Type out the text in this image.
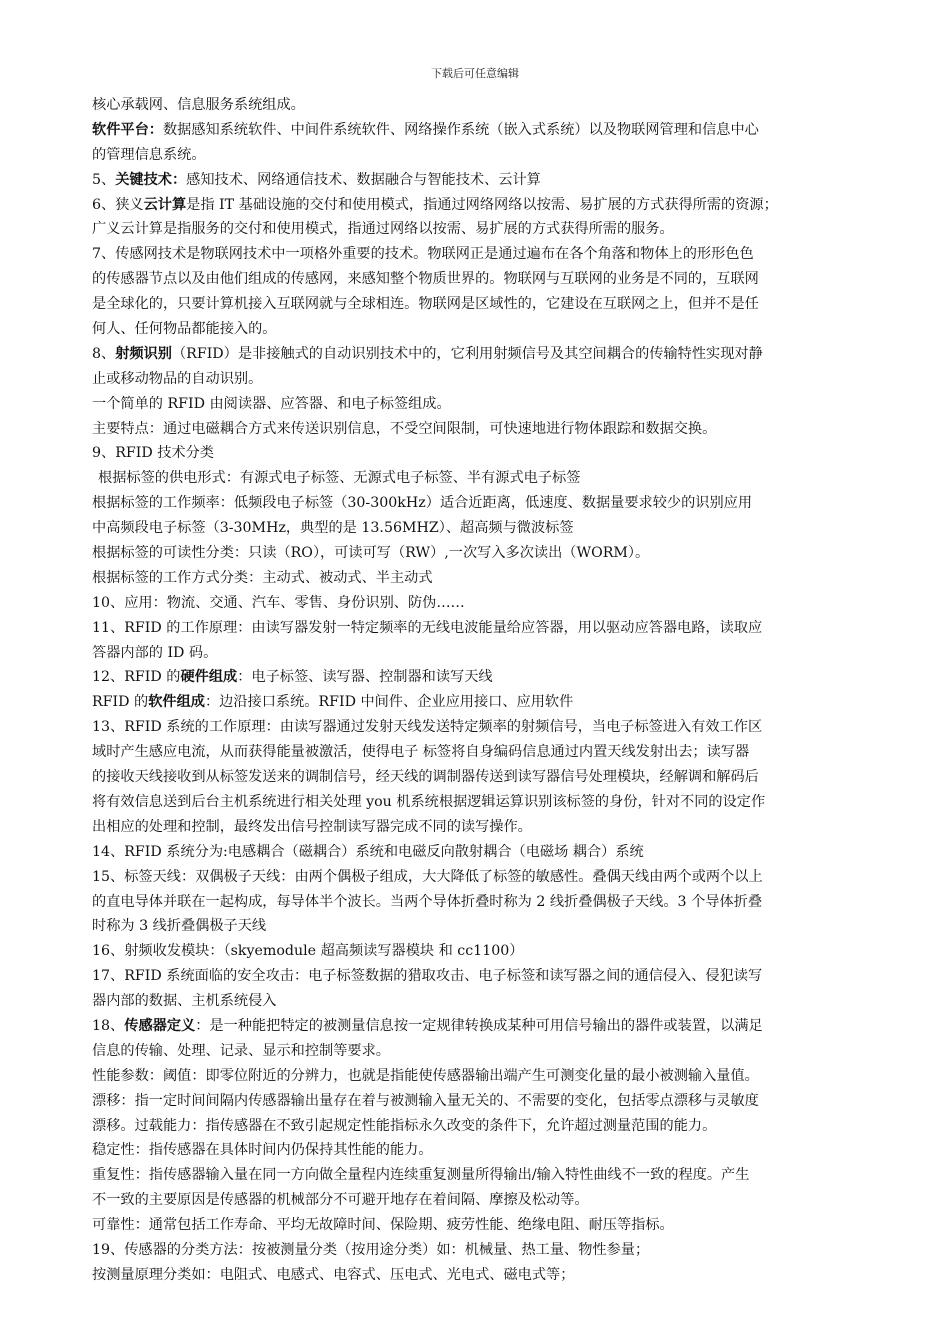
下载后可任意编辑
核心承载网、信息服务系统组成。
软件平台：数据感知系统软件、中间件系统软件、网络操作系统（嵌入式系统）以及物联网管理和信息中心
的管理信息系统。
5、关键技术：感知技术、网络通信技术、数据融合与智能技术、云计算
6、狭义云计算是指 IT 基础设施的交付和使用模式，指通过网络网络以按需、易扩展的方式获得所需的资源；
广义云计算是指服务的交付和使用模式，指通过网络以按需、易扩展的方式获得所需的服务。
7、传感网技术是物联网技术中一项格外重要的技术。物联网正是通过遍布在各个角落和物体上的形形色色
的传感器节点以及由他们组成的传感网，来感知整个物质世界的。物联网与互联网的业务是不同的，互联网
是全球化的，只要计算机接入互联网就与全球相连。物联网是区域性的，它建设在互联网之上，但并不是任
何人、任何物品都能接入的。
8、射频识别（RFID）是非接触式的自动识别技术中的，它利用射频信号及其空间耦合的传输特性实现对静
止或移动物品的自动识别。
一个简单的 RFID 由阅读器、应答器、和电子标签组成。
主要特点：通过电磁耦合方式来传送识别信息，不受空间限制，可快速地进行物体跟踪和数据交换。
9、RFID 技术分类
根据标签的供电形式：有源式电子标签、无源式电子标签、半有源式电子标签
根据标签的工作频率：低频段电子标签（30-300kHz）适合近距离，低速度、数据量要求较少的识别应用
中高频段电子标签（3-30MHz，典型的是 13.56MHZ）、超高频与微波标签
根据标签的可读性分类：只读（RO），可读可写（RW）,一次写入多次读出（WORM）。
根据标签的工作方式分类：主动式、被动式、半主动式
10、应用：物流、交通、汽车、零售、身份识别、防伪……
11、RFID 的工作原理：由读写器发射一特定频率的无线电波能量给应答器，用以驱动应答器电路，读取应
答器内部的 ID 码。
12、RFID 的硬件组成：电子标签、读写器、控制器和读写天线
RFID 的软件组成：边沿接口系统。RFID 中间件、企业应用接口、应用软件
13、RFID 系统的工作原理：由读写器通过发射天线发送特定频率的射频信号，当电子标签进入有效工作区
域时产生感应电流，从而获得能量被激活，使得电子 标签将自身编码信息通过内置天线发射出去；读写器
的接收天线接收到从标签发送来的调制信号，经天线的调制器传送到读写器信号处理模块，经解调和解码后
将有效信息送到后台主机系统进行相关处理 you 机系统根据逻辑运算识别该标签的身份，针对不同的设定作
出相应的处理和控制，最终发出信号控制读写器完成不同的读写操作。
14、RFID 系统分为:电感耦合（磁耦合）系统和电磁反向散射耦合（电磁场 耦合）系统
15、标签天线：双偶极子天线：由两个偶极子组成，大大降低了标签的敏感性。叠偶天线由两个或两个以上
的直电导体并联在一起构成，每导体半个波长。当两个导体折叠时称为 2 线折叠偶极子天线。3 个导体折叠
时称为 3 线折叠偶极子天线
16、射频收发模块：（skyemodule 超高频读写器模块 和 cc1100）
17、RFID 系统面临的安全攻击：电子标签数据的猎取攻击、电子标签和读写器之间的通信侵入、侵犯读写
器内部的数据、主机系统侵入
18、传感器定义：是一种能把特定的被测量信息按一定规律转换成某种可用信号输出的器件或装置，以满足
信息的传输、处理、记录、显示和控制等要求。
性能参数：阈值：即零位附近的分辨力，也就是指能使传感器输出端产生可测变化量的最小被测输入量值。
漂移：指一定时间间隔内传感器输出量存在着与被测输入量无关的、不需要的变化，包括零点漂移与灵敏度
漂移。过载能力：指传感器在不致引起规定性能指标永久改变的条件下，允许超过测量范围的能力。
稳定性：指传感器在具体时间内仍保持其性能的能力。
重复性：指传感器输入量在同一方向做全量程内连续重复测量所得输出/输入特性曲线不一致的程度。产生
不一致的主要原因是传感器的机械部分不可避开地存在着间隔、摩擦及松动等。
可靠性：通常包括工作寿命、平均无故障时间、保险期、疲劳性能、绝缘电阻、耐压等指标。
19、传感器的分类方法：按被测量分类（按用途分类）如：机械量、热工量、物性参量；
按测量原理分类如：电阻式、电感式、电容式、压电式、光电式、磁电式等；
